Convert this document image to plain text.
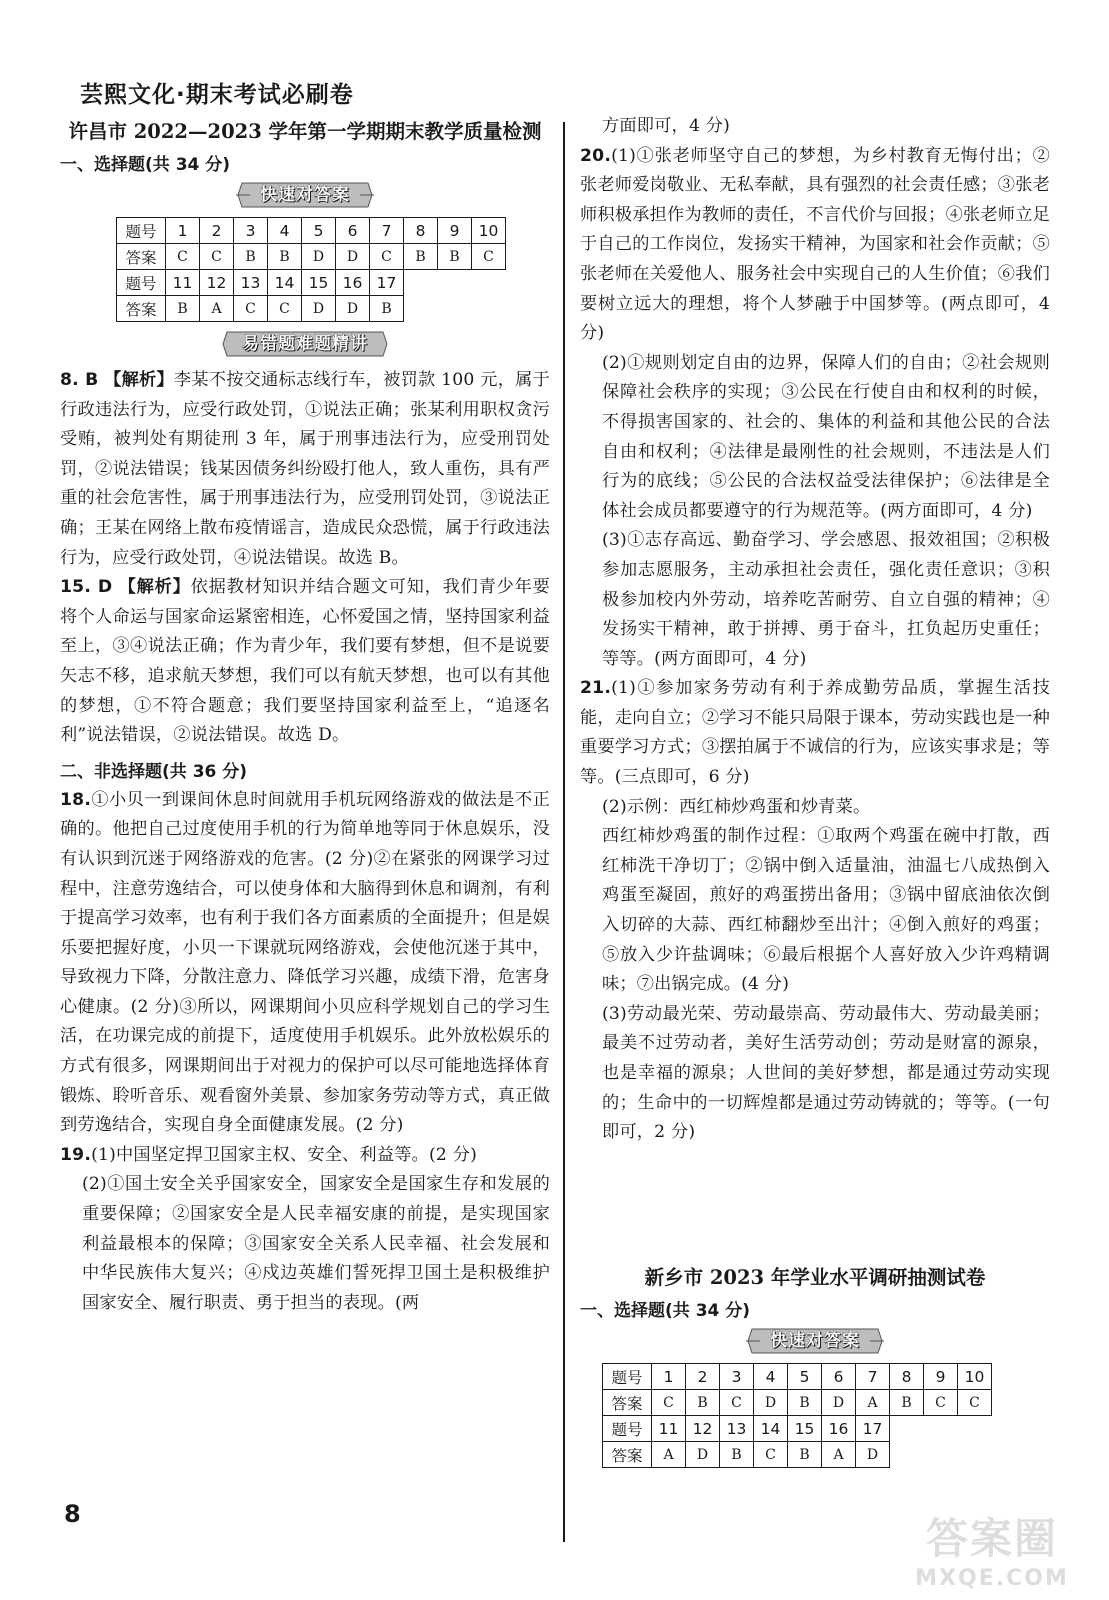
芸熙文化·期末考试必刷卷
许昌市 2022—2023 学年第一学期期末教学质量检测
一、选择题(共 34 分)
快速对答案
题号	1	2	3	4	5	6	7	8	9	10
答案	C	C	B	B	D	D	C	B	B	C
题号	11	12	13	14	15	16	17			
答案	B	A	C	C	D	D	B			
易错题难题精讲

8. B 【解析】李某不按交通标志线行车，被罚款 100 元，属于行政违法行为，应受行政处罚，①说法正确；张某利用职权贪污受贿，被判处有期徒刑 3 年，属于刑事违法行为，应受刑罚处罚，②说法错误；钱某因债务纠纷殴打他人，致人重伤，具有严重的社会危害性，属于刑事违法行为，应受刑罚处罚，③说法正确；王某在网络上散布疫情谣言，造成民众恐慌，属于行政违法行为，应受行政处罚，④说法错误。故选 B。

15. D 【解析】依据教材知识并结合题文可知，我们青少年要将个人命运与国家命运紧密相连，心怀爱国之情，坚持国家利益至上，③④说法正确；作为青少年，我们要有梦想，但不是说要矢志不移，追求航天梦想，我们可以有航天梦想，也可以有其他的梦想，①不符合题意；我们要坚持国家利益至上，“追逐名利”说法错误，②说法错误。故选 D。

二、非选择题(共 36 分)

18.①小贝一到课间休息时间就用手机玩网络游戏的做法是不正确的。他把自己过度使用手机的行为简单地等同于休息娱乐，没有认识到沉迷于网络游戏的危害。(2 分)②在紧张的网课学习过程中，注意劳逸结合，可以使身体和大脑得到休息和调剂，有利于提高学习效率，也有利于我们各方面素质的全面提升；但是娱乐要把握好度，小贝一下课就玩网络游戏，会使他沉迷于其中，导致视力下降，分散注意力、降低学习兴趣，成绩下滑，危害身心健康。(2 分)③所以，网课期间小贝应科学规划自己的学习生活，在功课完成的前提下，适度使用手机娱乐。此外放松娱乐的方式有很多，网课期间出于对视力的保护可以尽可能地选择体育锻炼、聆听音乐、观看窗外美景、参加家务劳动等方式，真正做到劳逸结合，实现自身全面健康发展。(2 分)

19.(1)中国坚定捍卫国家主权、安全、利益等。(2 分)

(2)①国土安全关乎国家安全，国家安全是国家生存和发展的重要保障；②国家安全是人民幸福安康的前提，是实现国家利益最根本的保障；③国家安全关系人民幸福、社会发展和中华民族伟大复兴；④戍边英雄们誓死捍卫国土是积极维护国家安全、履行职责、勇于担当的表现。(两

方面即可，4 分)

20.(1)①张老师坚守自己的梦想，为乡村教育无悔付出；②张老师爱岗敬业、无私奉献，具有强烈的社会责任感；③张老师积极承担作为教师的责任，不言代价与回报；④张老师立足于自己的工作岗位，发扬实干精神，为国家和社会作贡献；⑤张老师在关爱他人、服务社会中实现自己的人生价值；⑥我们要树立远大的理想，将个人梦融于中国梦等。(两点即可，4 分)

(2)①规则划定自由的边界，保障人们的自由；②社会规则保障社会秩序的实现；③公民在行使自由和权利的时候，不得损害国家的、社会的、集体的利益和其他公民的合法自由和权利；④法律是最刚性的社会规则，不违法是人们行为的底线；⑤公民的合法权益受法律保护；⑥法律是全体社会成员都要遵守的行为规范等。(两方面即可，4 分)

(3)①志存高远、勤奋学习、学会感恩、报效祖国；②积极参加志愿服务，主动承担社会责任，强化责任意识；③积极参加校内外劳动，培养吃苦耐劳、自立自强的精神；④发扬实干精神，敢于拼搏、勇于奋斗，扛负起历史重任；等等。(两方面即可，4 分)

21.(1)①参加家务劳动有利于养成勤劳品质，掌握生活技能，走向自立；②学习不能只局限于课本，劳动实践也是一种重要学习方式；③摆拍属于不诚信的行为，应该实事求是；等等。(三点即可，6 分)

(2)示例：西红柿炒鸡蛋和炒青菜。

西红柿炒鸡蛋的制作过程：①取两个鸡蛋在碗中打散，西红柿洗干净切丁；②锅中倒入适量油，油温七八成热倒入鸡蛋至凝固，煎好的鸡蛋捞出备用；③锅中留底油依次倒入切碎的大蒜、西红柿翻炒至出汁；④倒入煎好的鸡蛋；⑤放入少许盐调味；⑥最后根据个人喜好放入少许鸡精调味；⑦出锅完成。(4 分)

(3)劳动最光荣、劳动最崇高、劳动最伟大、劳动最美丽；最美不过劳动者，美好生活劳动创；劳动是财富的源泉，也是幸福的源泉；人世间的美好梦想，都是通过劳动实现的；生命中的一切辉煌都是通过劳动铸就的；等等。(一句即可，2 分)

新乡市 2023 年学业水平调研抽测试卷
一、选择题(共 34 分)
快速对答案
题号	1	2	3	4	5	6	7	8	9	10
答案	C	B	C	D	B	D	A	B	C	C
题号	11	12	13	14	15	16	17			
答案	A	D	B	C	B	A	D			
8	答案圈
MXQE.COM
